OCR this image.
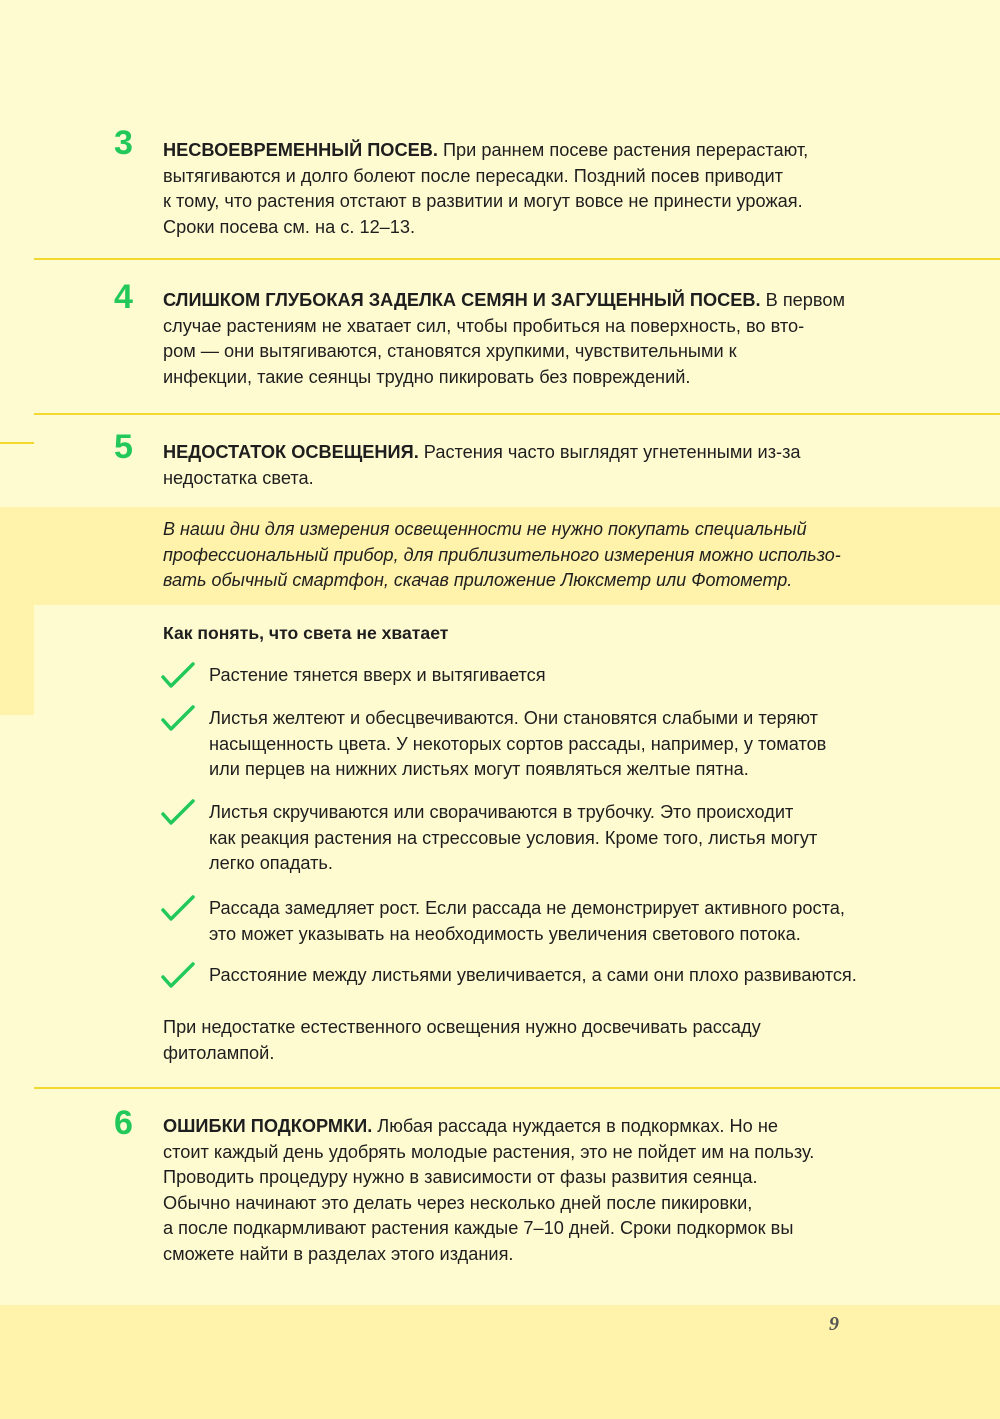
3	НЕСВОЕВРЕМЕННЫЙ ПОСЕВ. При раннем посеве растения перерастают,
вытягиваются и долго болеют после пересадки. Поздний посев приводит
к тому, что растения отстают в развитии и могут вовсе не принести урожая.
Сроки посева см. на с. 12–13.

4	СЛИШКОМ ГЛУБОКАЯ ЗАДЕЛКА СЕМЯН И ЗАГУЩЕННЫЙ ПОСЕВ. В первом
случае растениям не хватает сил, чтобы пробиться на поверхность, во вто-
ром — они вытягиваются, становятся хрупкими, чувствительными к
инфекции, такие сеянцы трудно пикировать без повреждений.

5	НЕДОСТАТОК ОСВЕЩЕНИЯ. Растения часто выглядят угнетенными из-за
недостатка света.

В наши дни для измерения освещенности не нужно покупать специальный
профессиональный прибор, для приблизительного измерения можно использо-
вать обычный смартфон, скачав приложение Люксметр или Фотометр.

Как понять, что света не хватает
Растение тянется вверх и вытягивается
Листья желтеют и обесцвечиваются. Они становятся слабыми и теряют
насыщенность цвета. У некоторых сортов рассады, например, у томатов
или перцев на нижних листьях могут появляться желтые пятна.
Листья скручиваются или сворачиваются в трубочку. Это происходит
как реакция растения на стрессовые условия. Кроме того, листья могут
легко опадать.
Рассада замедляет рост. Если рассада не демонстрирует активного роста,
это может указывать на необходимость увеличения светового потока.
Расстояние между листьями увеличивается, а сами они плохо развиваются.

При недостатке естественного освещения нужно досвечивать рассаду
фитолампой.

6	ОШИБКИ ПОДКОРМКИ. Любая рассада нуждается в подкормках. Но не
стоит каждый день удобрять молодые растения, это не пойдет им на пользу.
Проводить процедуру нужно в зависимости от фазы развития сеянца.
Обычно начинают это делать через несколько дней после пикировки,
а после подкармливают растения каждые 7–10 дней. Сроки подкормок вы
сможете найти в разделах этого издания.

9
